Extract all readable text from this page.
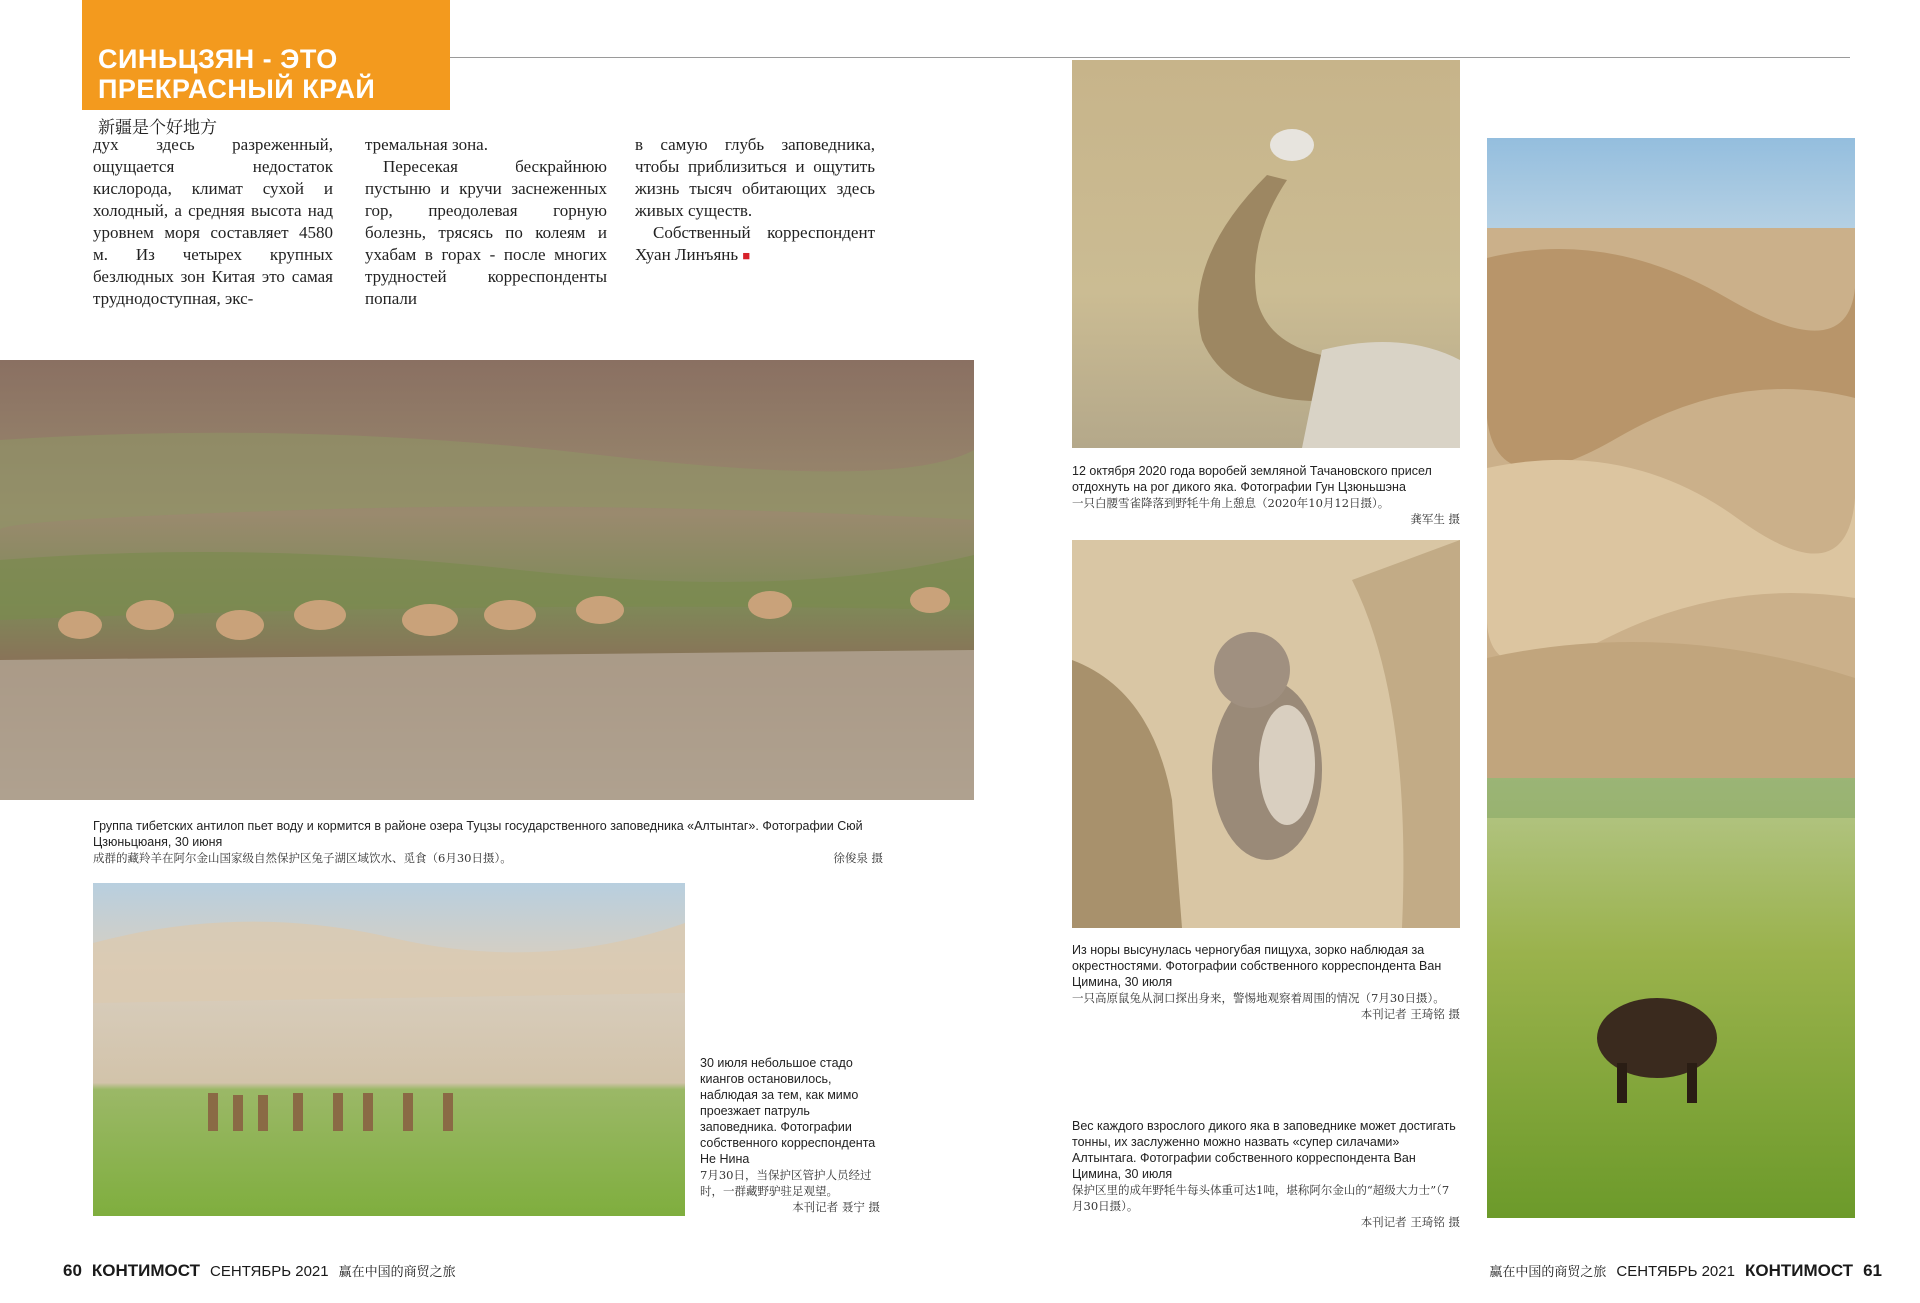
СИНЬЦЗЯН - ЭТО
ПРЕКРАСНЫЙ КРАЙ
新疆是个好地方

дух здесь разреженный, ощущается недостаток кислорода, климат сухой и холодный, а средняя высота над уровнем моря составляет 4580 м. Из четырех крупных безлюдных зон Китая это самая труднодоступная, экс-

тремальная зона.

Пересекая бескрайнюю пустыню и кручи заснеженных гор, преодолевая горную болезнь, трясясь по колеям и ухабам в горах - после многих трудностей корреспонденты попали

в самую глубь заповедника, чтобы приблизиться и ощутить жизнь тысяч обитающих здесь живых существ.

Собственный корреспондент Хуан Линъянь ■

Группа тибетских антилоп пьет воду и кормится в районе озера Туцзы государственного заповедника «Алтынтаг». Фотографии Сюй Цзюньцюаня, 30 июня
成群的藏羚羊在阿尔金山国家级自然保护区兔子湖区域饮水、觅食（6月30日摄）。	徐俊泉 摄
30 июля небольшое стадо киангов остановилось, наблюдая за тем, как мимо проезжает патруль заповедника. Фотографии собственного корреспондента Не Нина
7月30日，当保护区管护人员经过时，一群藏野驴驻足观望。
本刊记者 聂宁 摄
12 октября 2020 года воробей земляной Тачановского присел отдохнуть на рог дикого яка. Фотографии Гун Цзюньшэна
一只白腰雪雀降落到野牦牛角上憩息（2020年10月12日摄）。
龚军生 摄
Из норы высунулась черногубая пищуха, зорко наблюдая за окрестностями. Фотографии собственного корреспондента Ван Цимина, 30 июля
一只高原鼠兔从洞口探出身来，警惕地观察着周围的情况（7月30日摄）。
本刊记者 王琦铭 摄
Вес каждого взрослого дикого яка в заповеднике может достигать тонны, их заслуженно можно назвать «супер силачами» Алтынтага. Фотографии собственного корреспондента Ван Цимина, 30 июля
保护区里的成年野牦牛每头体重可达1吨，堪称阿尔金山的“超级大力士”（7月30日摄）。
本刊记者 王琦铭 摄
60 КОНТИМОСТ СЕНТЯБРЬ 2021 赢在中国的商贸之旅	赢在中国的商贸之旅 СЕНТЯБРЬ 2021 КОНТИМОСТ 61
